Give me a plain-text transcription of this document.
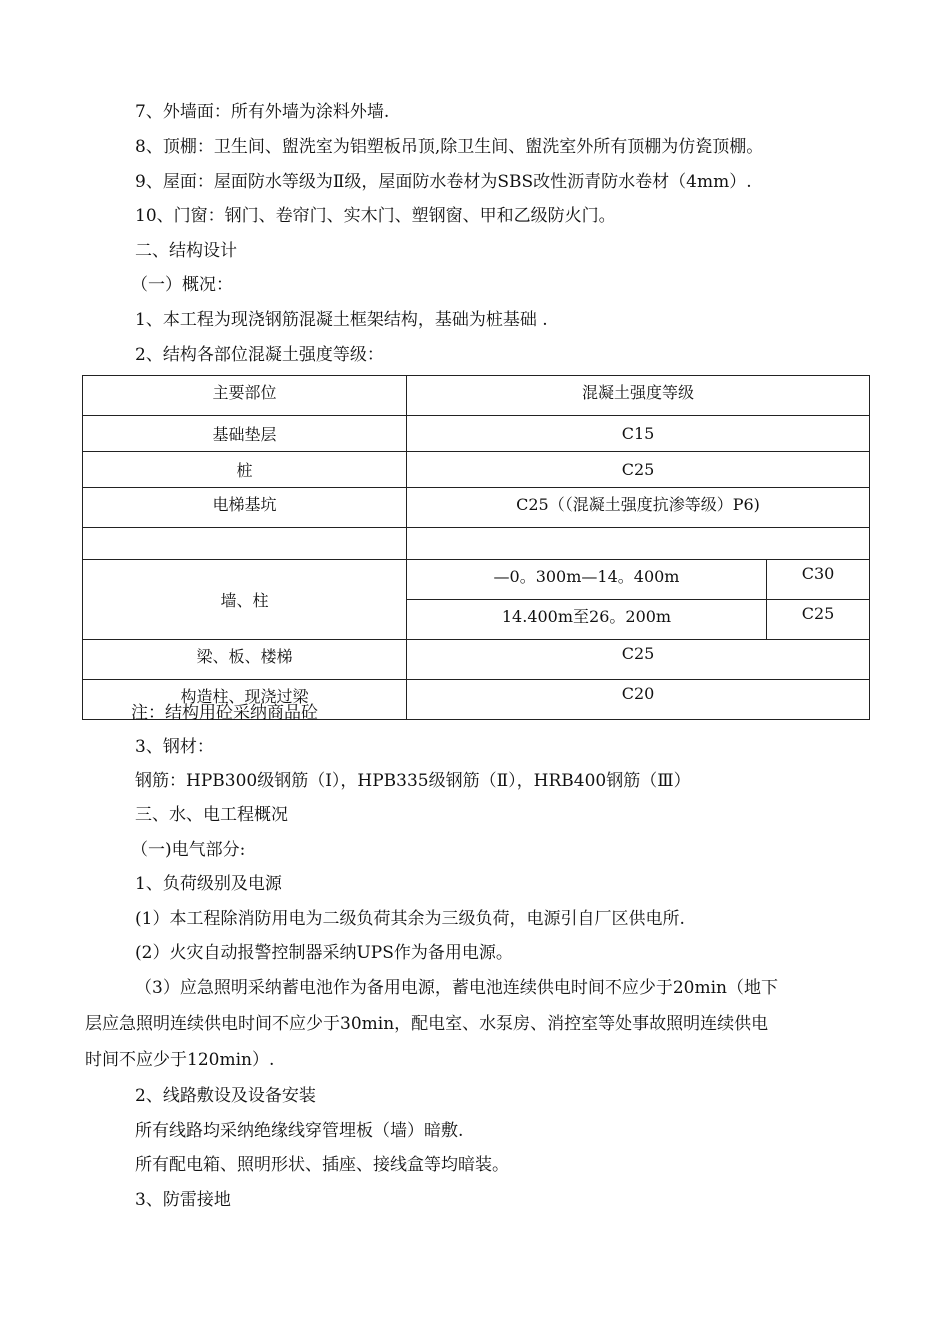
7、外墙面：所有外墙为涂料外墙.
8、顶棚：卫生间、盥洗室为铝塑板吊顶,除卫生间、盥洗室外所有顶棚为仿瓷顶棚。
9、屋面：屋面防水等级为Ⅱ级，屋面防水卷材为SBS改性沥青防水卷材（4mm）.
10、门窗：钢门、卷帘门、实木门、塑钢窗、甲和乙级防火门。
二、结构设计
（一）概况：
1、本工程为现浇钢筋混凝土框架结构，基础为桩基础 .
2、结构各部位混凝土强度等级：
主要部位	混凝土强度等级	
基础垫层	C15	
桩	C25	
电梯基坑	C25（（混凝土强度抗渗等级）P6)	

墙、柱	—0。300m—14。400m	C30
	14.400m至26。200m	C25
梁、板、楼梯	C25	
构造柱、现浇过梁	C20	
注：结构用砼采纳商品砼
3、钢材：
钢筋：HPB300级钢筋（Ⅰ），HPB335级钢筋（Ⅱ），HRB400钢筋（Ⅲ）
三、水、电工程概况
（一)电气部分:
1、负荷级别及电源
(1）本工程除消防用电为二级负荷其余为三级负荷，电源引自厂区供电所.
(2）火灾自动报警控制器采纳UPS作为备用电源。
（3）应急照明采纳蓄电池作为备用电源，蓄电池连续供电时间不应少于20min（地下
层应急照明连续供电时间不应少于30min，配电室、水泵房、消控室等处事故照明连续供电
时间不应少于120min）.
2、线路敷设及设备安装
所有线路均采纳绝缘线穿管埋板（墙）暗敷.
所有配电箱、照明形状、插座、接线盒等均暗装。
3、防雷接地
